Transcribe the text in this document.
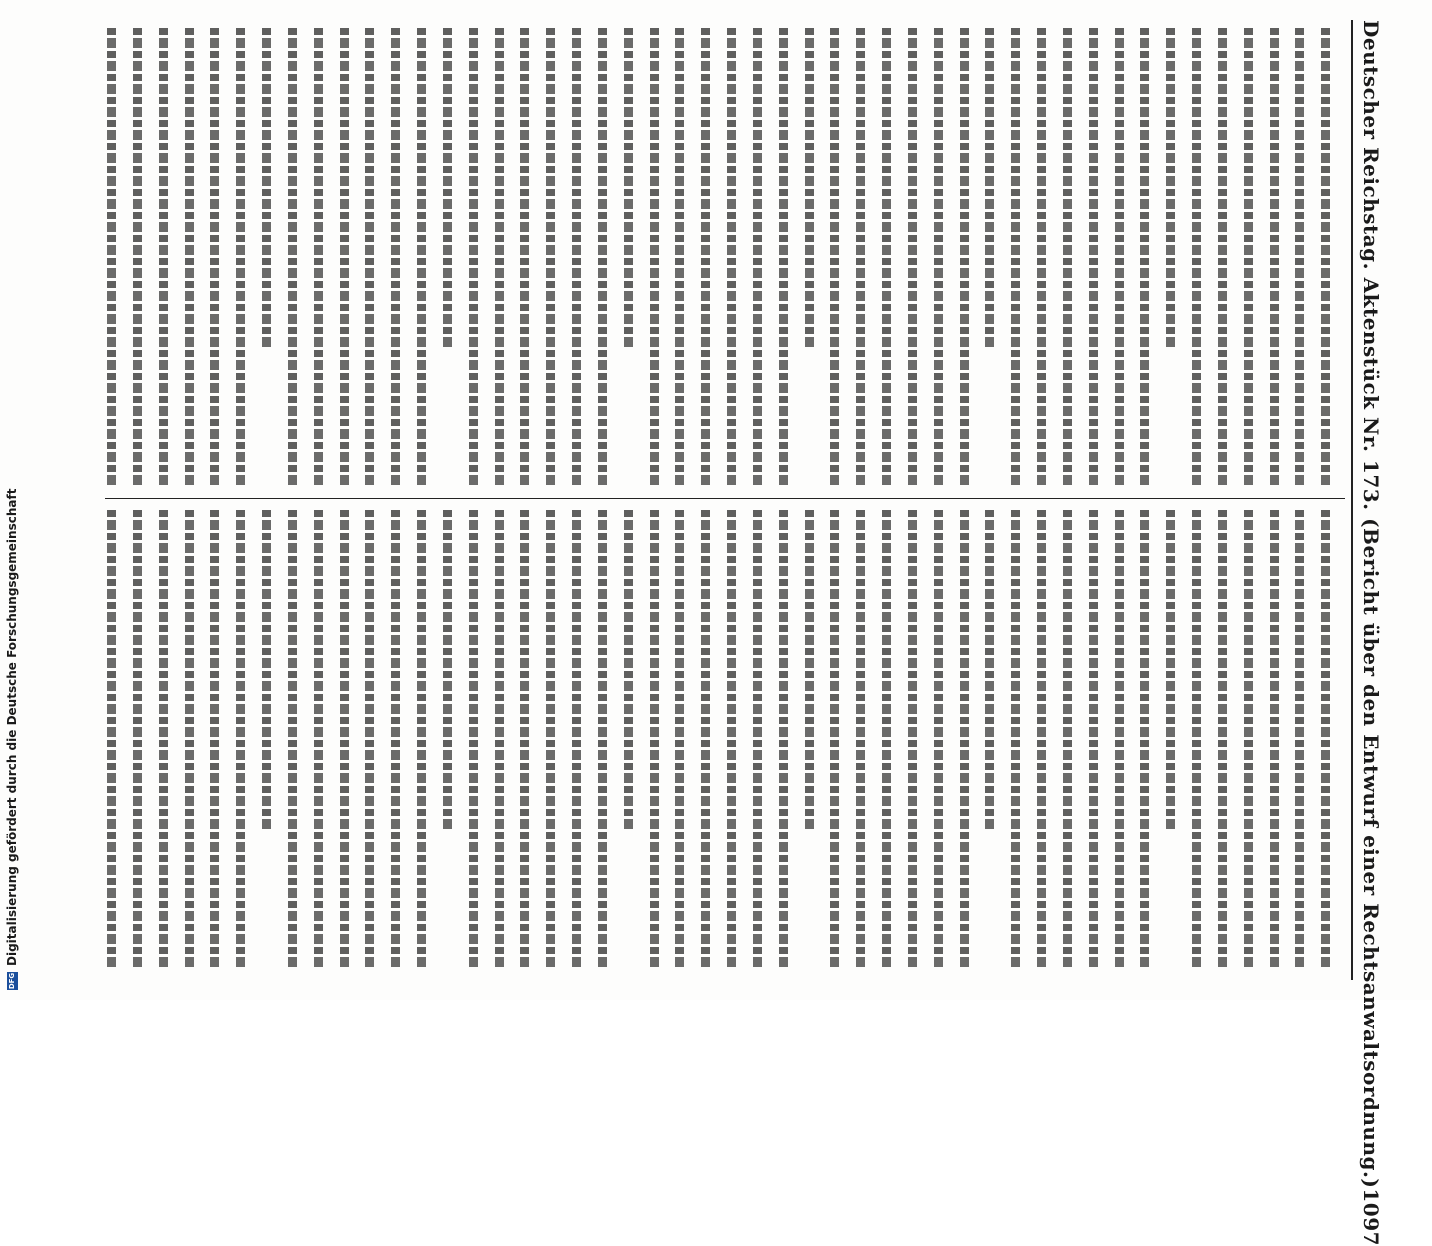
DFG
Digitalisierung gefördert durch die Deutsche Forschungsgemeinschaft	Deutscher Reichstag. Aktenstück Nr. 173. (Bericht über den Entwurf einer Rechtsanwaltsordnung.)
1097
